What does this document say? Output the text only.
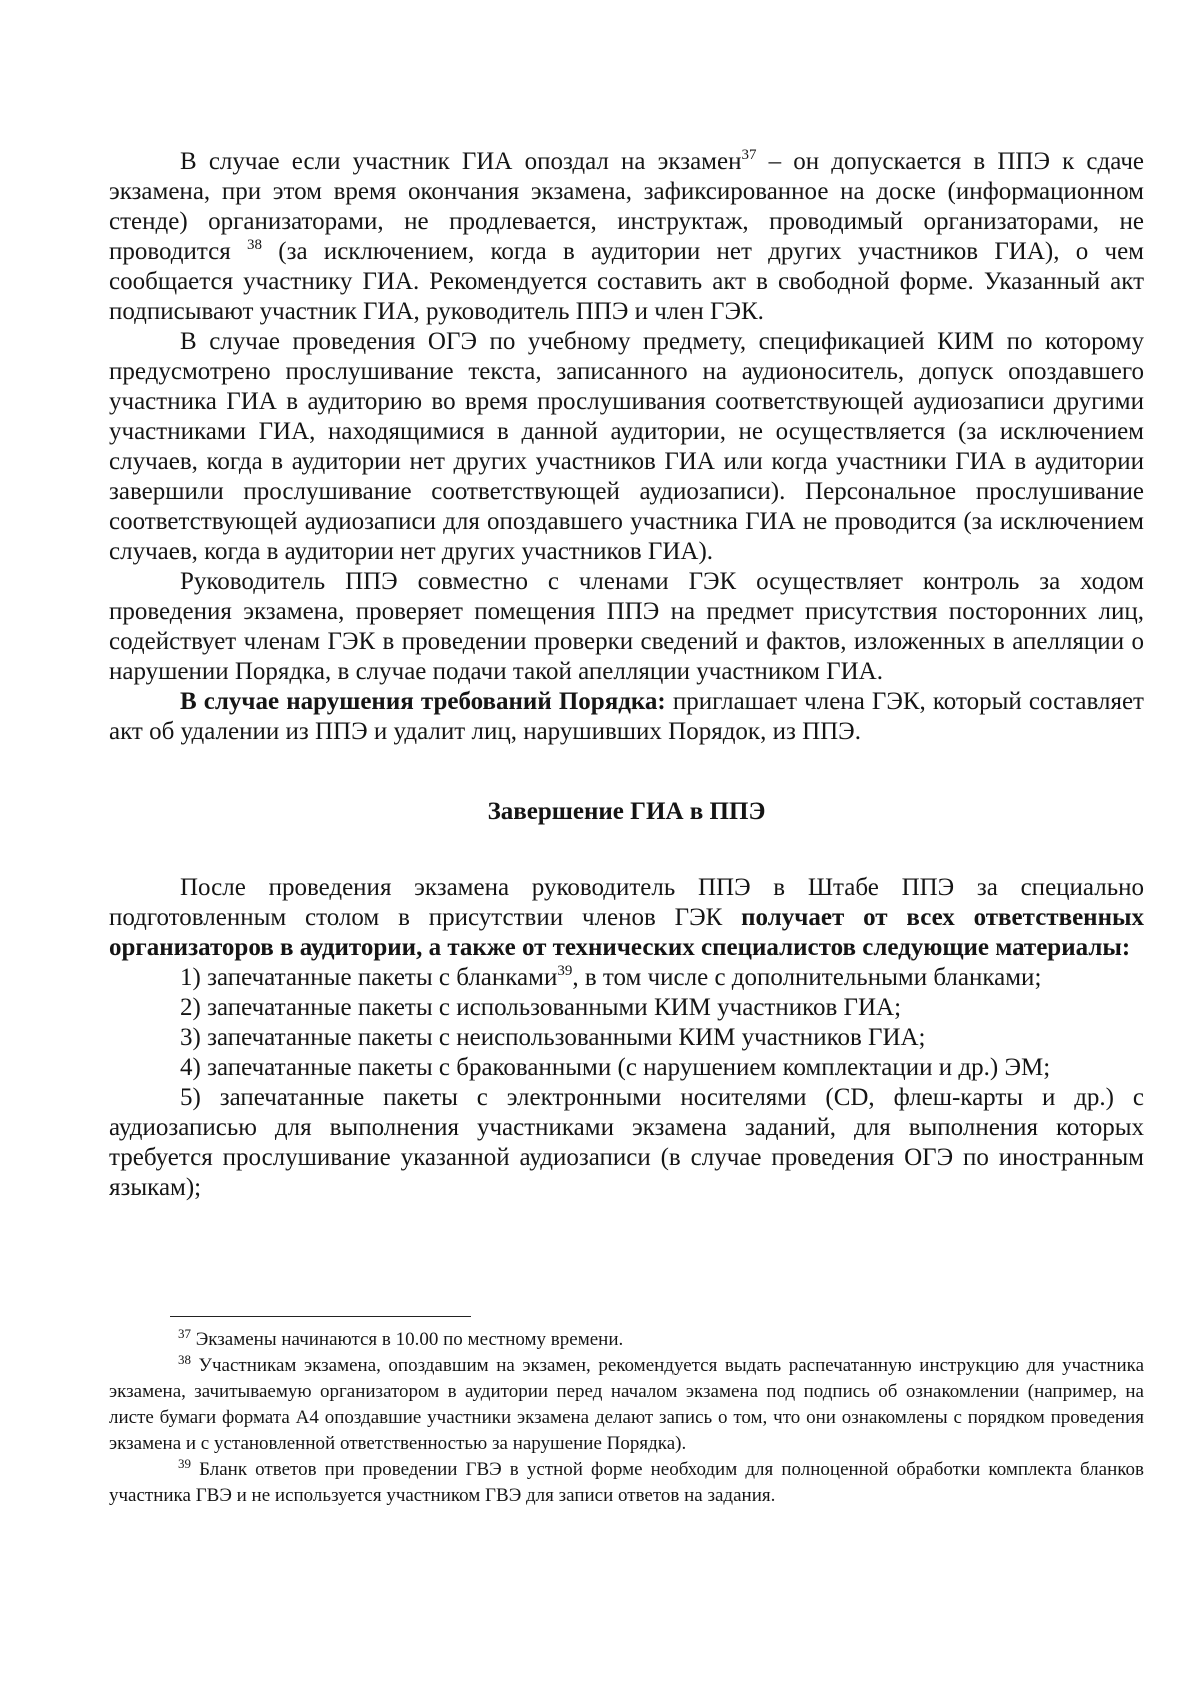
В случае если участник ГИА опоздал на экзамен$^{37}$ – он допускается в ППЭ к сдаче экзамена, при этом время окончания экзамена, зафиксированное на доске (информационном стенде) организаторами, не продлевается, инструктаж, проводимый организаторами, не проводится $^{38}$ (за исключением, когда в аудитории нет других участников ГИА), о чем сообщается участнику ГИА. Рекомендуется составить акт в свободной форме. Указанный акт подписывают участник ГИА, руководитель ППЭ и член ГЭК.

В случае проведения ОГЭ по учебному предмету, спецификацией КИМ по которому предусмотрено прослушивание текста, записанного на аудионоситель, допуск опоздавшего участника ГИА в аудиторию во время прослушивания соответствующей аудиозаписи другими участниками ГИА, находящимися в данной аудитории, не осуществляется (за исключением случаев, когда в аудитории нет других участников ГИА или когда участники ГИА в аудитории завершили прослушивание соответствующей аудиозаписи). Персональное прослушивание соответствующей аудиозаписи для опоздавшего участника ГИА не проводится (за исключением случаев, когда в аудитории нет других участников ГИА).

Руководитель ППЭ совместно с членами ГЭК осуществляет контроль за ходом проведения экзамена, проверяет помещения ППЭ на предмет присутствия посторонних лиц, содействует членам ГЭК в проведении проверки сведений и фактов, изложенных в апелляции о нарушении Порядка, в случае подачи такой апелляции участником ГИА.

В случае нарушения требований Порядка: приглашает члена ГЭК, который составляет акт об удалении из ППЭ и удалит лиц, нарушивших Порядок, из ППЭ.

Завершение ГИА в ППЭ

После проведения экзамена руководитель ППЭ в Штабе ППЭ за специально подготовленным столом в присутствии членов ГЭК получает от всех ответственных организаторов в аудитории, а также от технических специалистов следующие материалы:

1) запечатанные пакеты с бланками$^{39}$, в том числе с дополнительными бланками;

2) запечатанные пакеты с использованными КИМ участников ГИА;

3) запечатанные пакеты с неиспользованными КИМ участников ГИА;

4) запечатанные пакеты с бракованными (с нарушением комплектации и др.) ЭМ;

5) запечатанные пакеты с электронными носителями (CD, флеш-карты и др.) с аудиозаписью для выполнения участниками экзамена заданий, для выполнения которых требуется прослушивание указанной аудиозаписи (в случае проведения ОГЭ по иностранным языкам);

$^{37}$ Экзамены начинаются в 10.00 по местному времени.

$^{38}$ Участникам экзамена, опоздавшим на экзамен, рекомендуется выдать распечатанную инструкцию для участника экзамена, зачитываемую организатором в аудитории перед началом экзамена под подпись об ознакомлении (например, на листе бумаги формата А4 опоздавшие участники экзамена делают запись о том, что они ознакомлены с порядком проведения экзамена и с установленной ответственностью за нарушение Порядка).

$^{39}$ Бланк ответов при проведении ГВЭ в устной форме необходим для полноценной обработки комплекта бланков участника ГВЭ и не используется участником ГВЭ для записи ответов на задания.
